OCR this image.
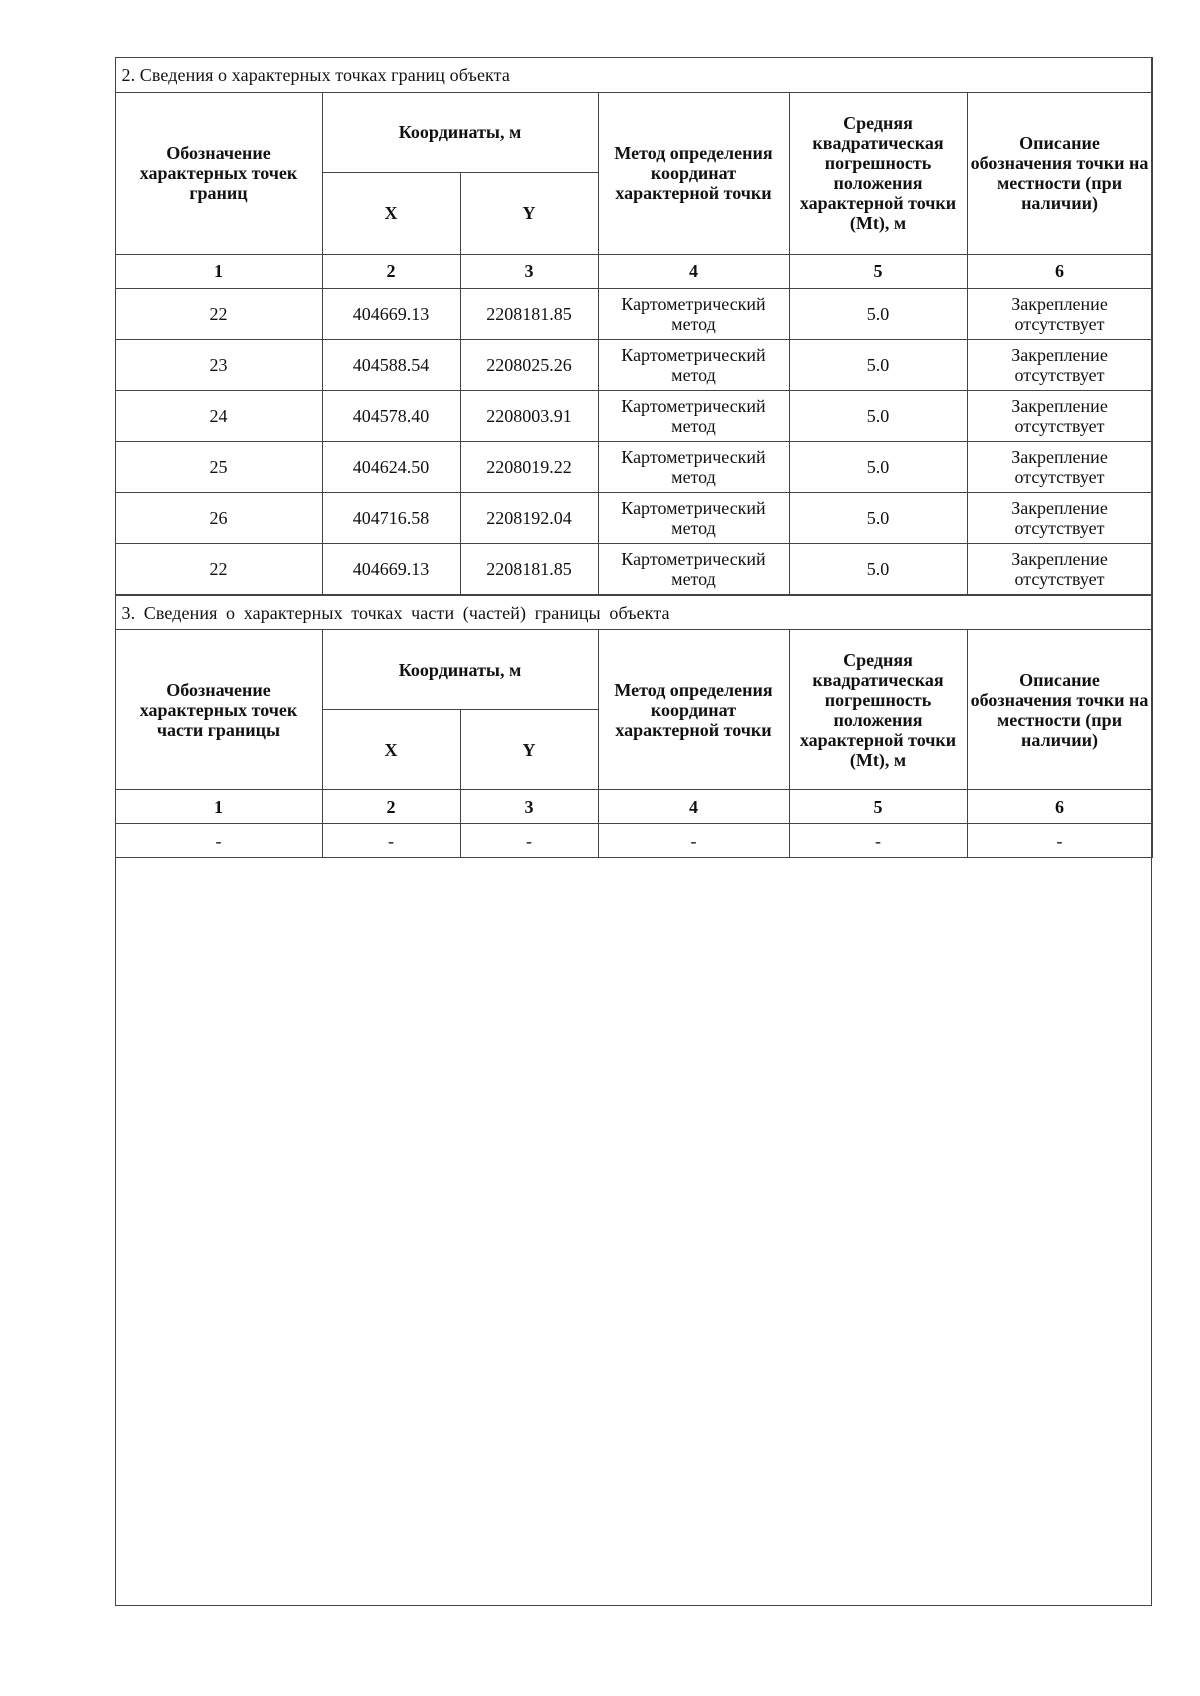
2. Сведения о характерных точках границ объекта					
Обозначение характерных точек границ	Координаты, м		Метод определения координат характерной точки	Средняя квадратическая погрешность положения характерной точки (Mt), м	Описание обозначения точки на местности (при наличии)
	X	Y			
1	2	3	4	5	6
22	404669.13	2208181.85	Картометрический метод	5.0	Закрепление отсутствует
23	404588.54	2208025.26	Картометрический метод	5.0	Закрепление отсутствует
24	404578.40	2208003.91	Картометрический метод	5.0	Закрепление отсутствует
25	404624.50	2208019.22	Картометрический метод	5.0	Закрепление отсутствует
26	404716.58	2208192.04	Картометрический метод	5.0	Закрепление отсутствует
22	404669.13	2208181.85	Картометрический метод	5.0	Закрепление отсутствует
3. Сведения о характерных точках части (частей) границы объекта					
Обозначение характерных точек части границы	Координаты, м		Метод определения координат характерной точки	Средняя квадратическая погрешность положения характерной точки (Mt), м	Описание обозначения точки на местности (при наличии)
	X	Y			
1	2	3	4	5	6
-	-	-	-	-	-
